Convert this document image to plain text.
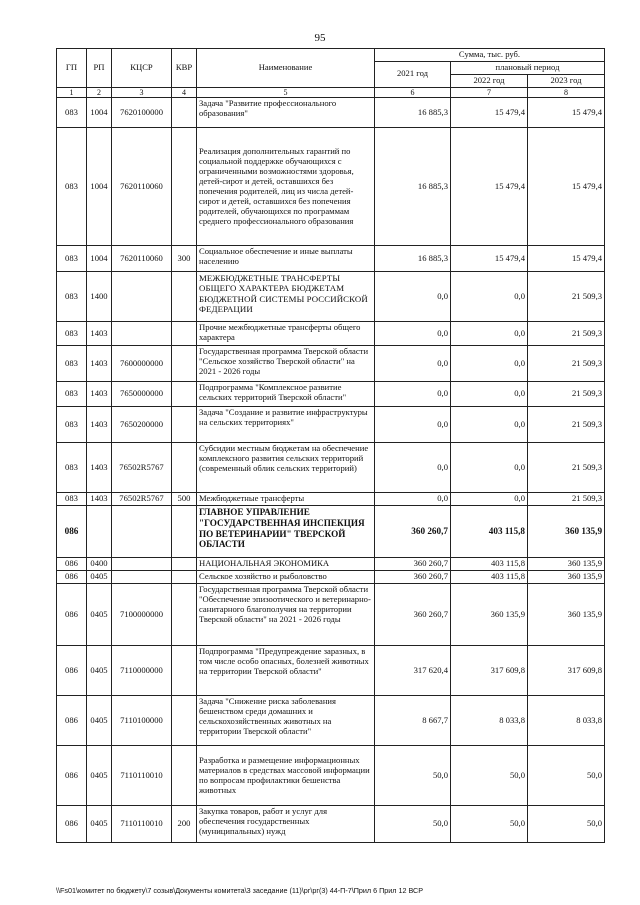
95
ГП	РП	КЦСР	КВР	Наименование	Сумма, тыс. руб.		
					2021 год	плановый период	
						2022 год	2023 год
1	2	3	4	5	6	7	8
083	1004	7620100000		Задача "Развитие профессионального образования"	16 885,3	15 479,4	15 479,4
083	1004	7620110060		Реализация дополнительных гарантий по социальной поддержке обучающихся с ограниченными возможностями здоровья, детей-сирот и детей, оставшихся без попечения родителей, лиц из числа детей-сирот и детей, оставшихся без попечения родителей, обучающихся по программам среднего профессионального образования	16 885,3	15 479,4	15 479,4
083	1004	7620110060	300	Социальное обеспечение и иные выплаты населению	16 885,3	15 479,4	15 479,4
083	1400			МЕЖБЮДЖЕТНЫЕ ТРАНСФЕРТЫ ОБЩЕГО ХАРАКТЕРА БЮДЖЕТАМ БЮДЖЕТНОЙ СИСТЕМЫ РОССИЙСКОЙ ФЕДЕРАЦИИ	0,0	0,0	21 509,3
083	1403			Прочие межбюджетные трансферты общего характера	0,0	0,0	21 509,3
083	1403	7600000000		Государственная программа Тверской области "Сельское хозяйство Тверской области" на 2021 - 2026 годы	0,0	0,0	21 509,3
083	1403	7650000000		Подпрограмма "Комплексное развитие сельских территорий Тверской области"	0,0	0,0	21 509,3
083	1403	7650200000		Задача "Создание и развитие инфраструктуры на сельских территориях"	0,0	0,0	21 509,3
083	1403	76502R5767		Субсидии местным бюджетам на обеспечение комплексного развития сельских территорий (современный облик сельских территорий)	0,0	0,0	21 509,3
083	1403	76502R5767	500	Межбюджетные трансферты	0,0	0,0	21 509,3
086				ГЛАВНОЕ УПРАВЛЕНИЕ "ГОСУДАРСТВЕННАЯ ИНСПЕКЦИЯ ПО ВЕТЕРИНАРИИ" ТВЕРСКОЙ ОБЛАСТИ	360 260,7	403 115,8	360 135,9
086	0400			НАЦИОНАЛЬНАЯ ЭКОНОМИКА	360 260,7	403 115,8	360 135,9
086	0405			Сельское хозяйство и рыболовство	360 260,7	403 115,8	360 135,9
086	0405	7100000000		Государственная программа Тверской области "Обеспечение эпизоотического и ветеринарно-санитарного благополучия на территории Тверской области" на 2021 - 2026 годы	360 260,7	360 135,9	360 135,9
086	0405	7110000000		Подпрограмма "Предупреждение заразных, в том числе особо опасных, болезней животных на территории Тверской области"	317 620,4	317 609,8	317 609,8
086	0405	7110100000		Задача "Снижение риска заболевания бешенством среди домашних и сельскохозяйственных животных на территории Тверской области"	8 667,7	8 033,8	8 033,8
086	0405	7110110010		Разработка и размещение информационных материалов в средствах массовой информации по вопросам профилактики бешенства животных	50,0	50,0	50,0
086	0405	7110110010	200	Закупка товаров, работ и услуг для обеспечения государственных (муниципальных) нужд	50,0	50,0	50,0
\\Fs01\комитет по бюджету\7 созыв\Документы комитета\3 заседание (11)\рг\рг(3) 44-П-7\Прил 6 Прил 12 ВСР
